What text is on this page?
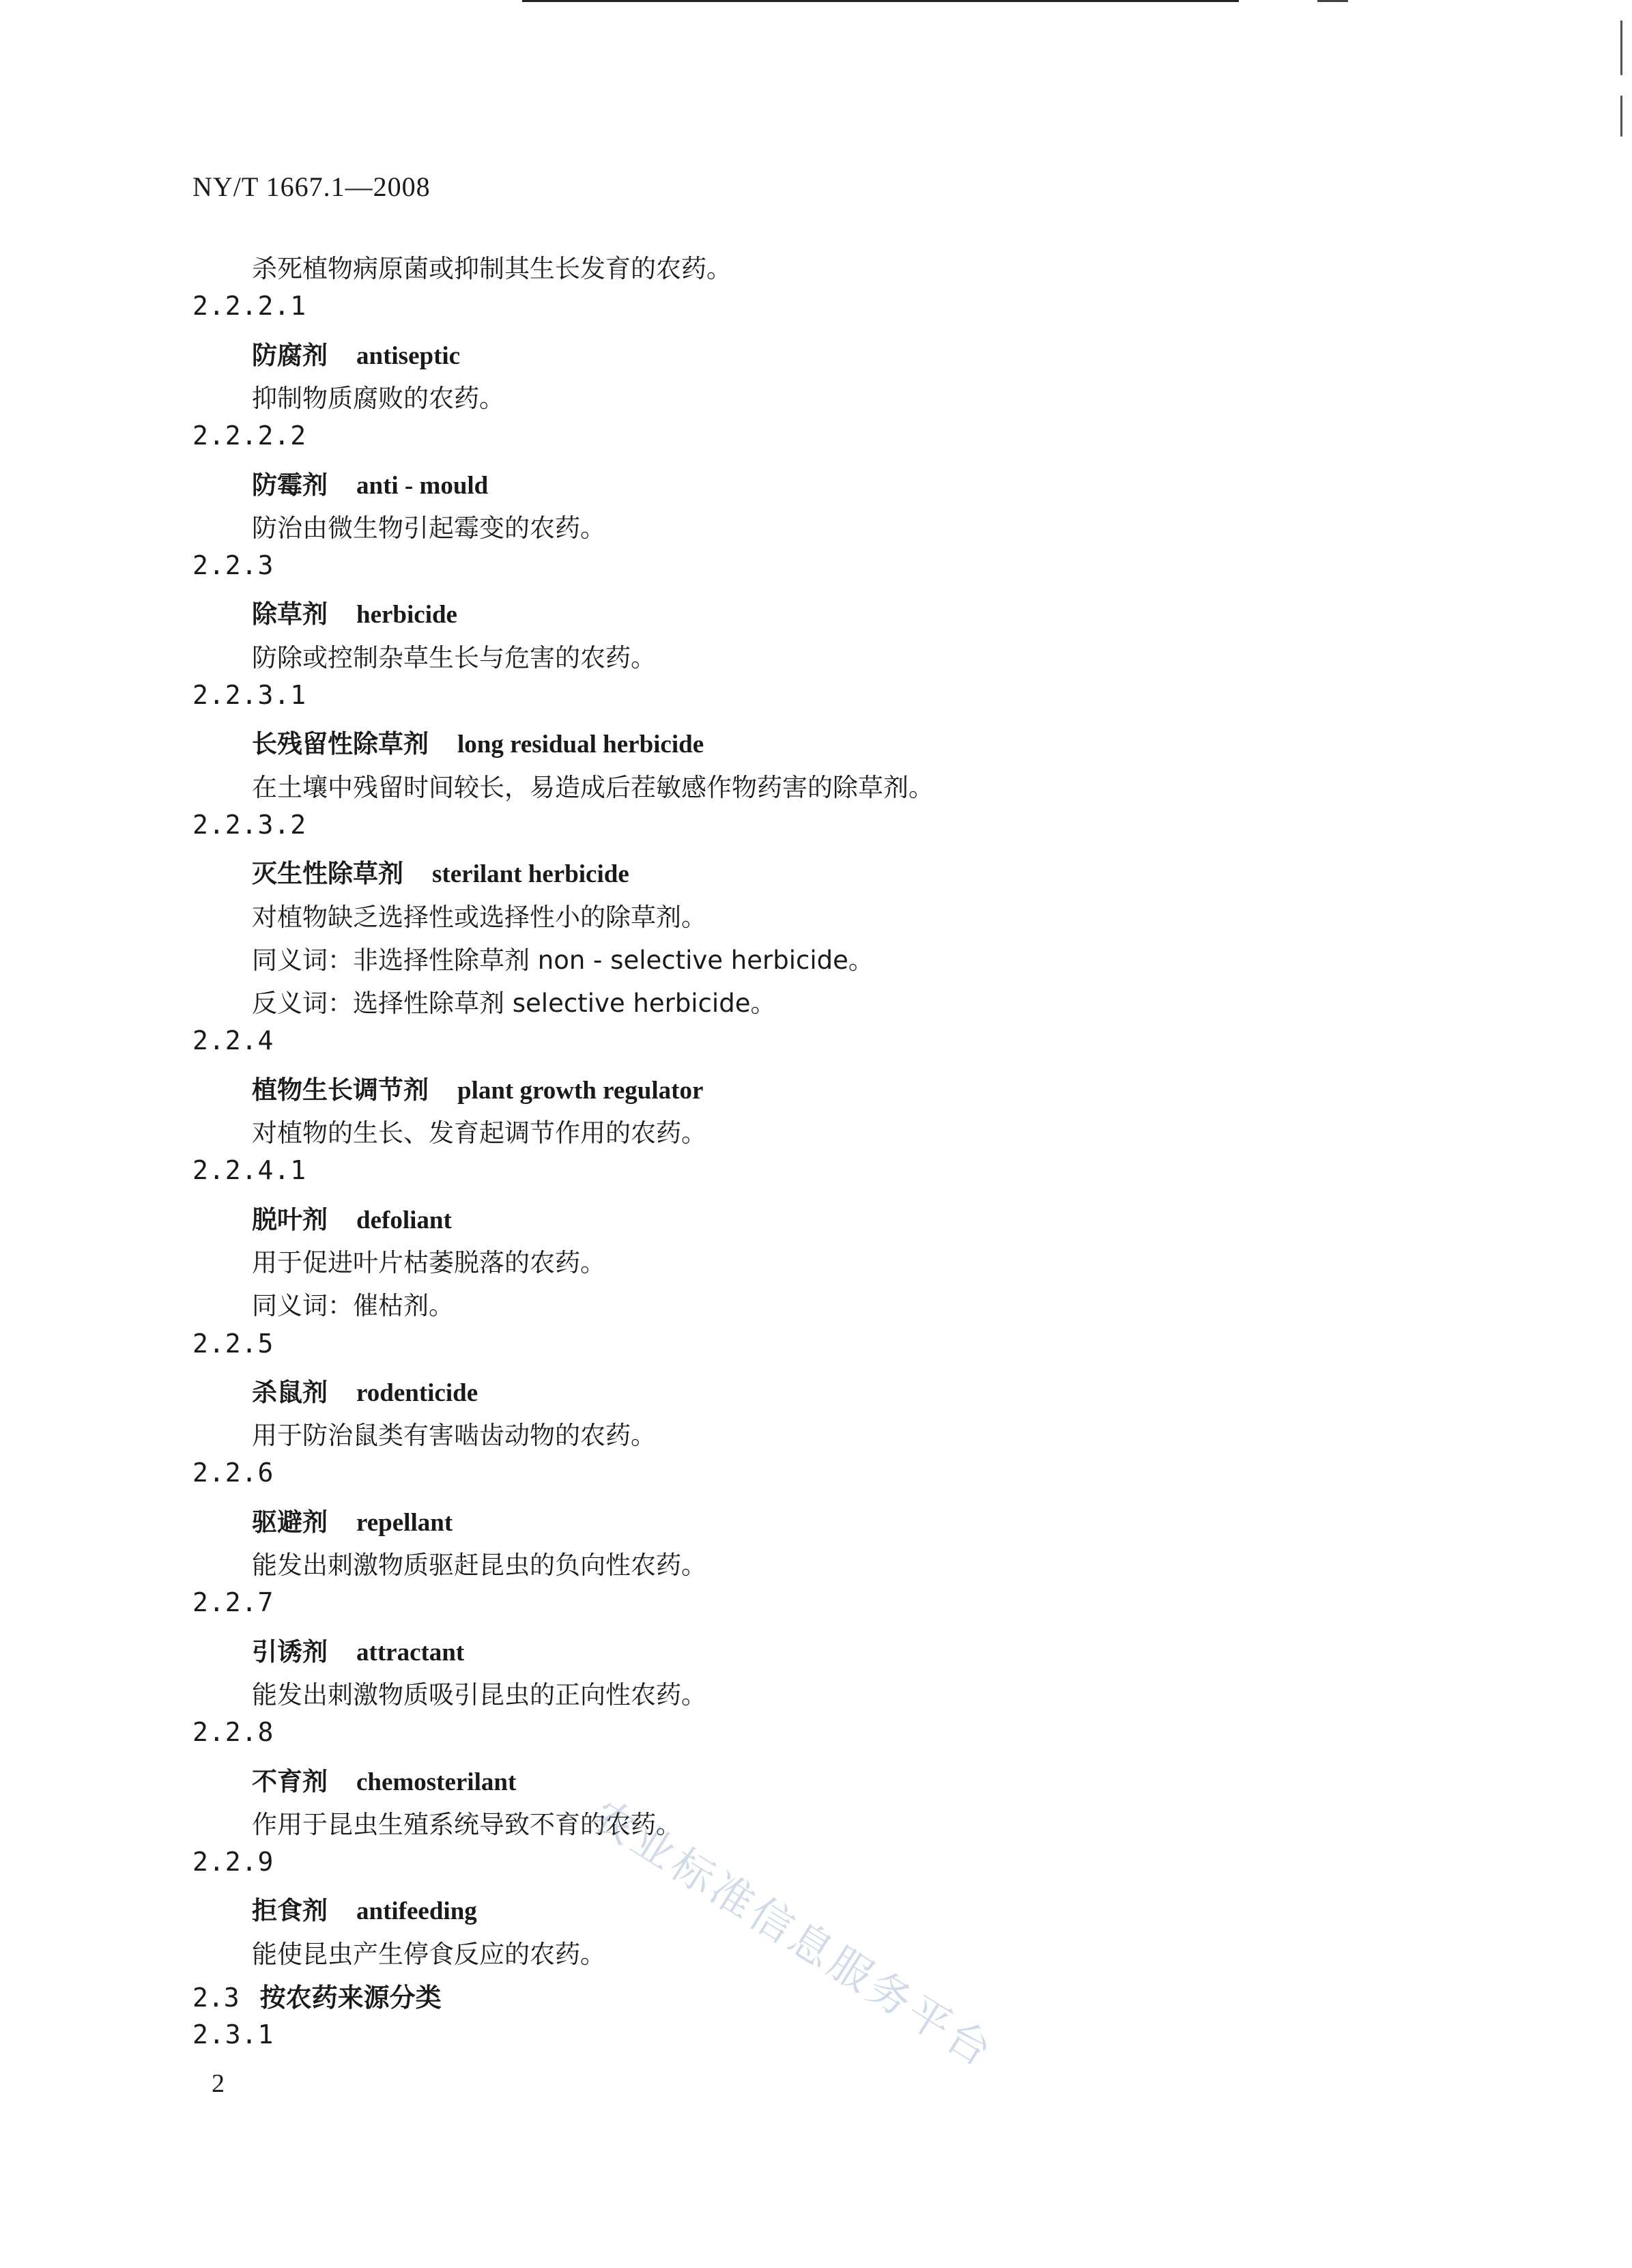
NY/T 1667.1—2008
杀死植物病原菌或抑制其生长发育的农药。
2.2.2.1
防腐剂 antiseptic
抑制物质腐败的农药。
2.2.2.2
防霉剂 anti - mould
防治由微生物引起霉变的农药。
2.2.3
除草剂 herbicide
防除或控制杂草生长与危害的农药。
2.2.3.1
长残留性除草剂 long residual herbicide
在土壤中残留时间较长，易造成后茬敏感作物药害的除草剂。
2.2.3.2
灭生性除草剂 sterilant herbicide
对植物缺乏选择性或选择性小的除草剂。
同义词：非选择性除草剂 non - selective herbicide。
反义词：选择性除草剂 selective herbicide。
2.2.4
植物生长调节剂 plant growth regulator
对植物的生长、发育起调节作用的农药。
2.2.4.1
脱叶剂 defoliant
用于促进叶片枯萎脱落的农药。
同义词：催枯剂。
2.2.5
杀鼠剂 rodenticide
用于防治鼠类有害啮齿动物的农药。
2.2.6
驱避剂 repellant
能发出刺激物质驱赶昆虫的负向性农药。
2.2.7
引诱剂 attractant
能发出刺激物质吸引昆虫的正向性农药。
2.2.8
不育剂 chemosterilant
作用于昆虫生殖系统导致不育的农药。
2.2.9
拒食剂 antifeeding
能使昆虫产生停食反应的农药。
2.3 按农药来源分类
2.3.1	农业标准信息服务平台
2
